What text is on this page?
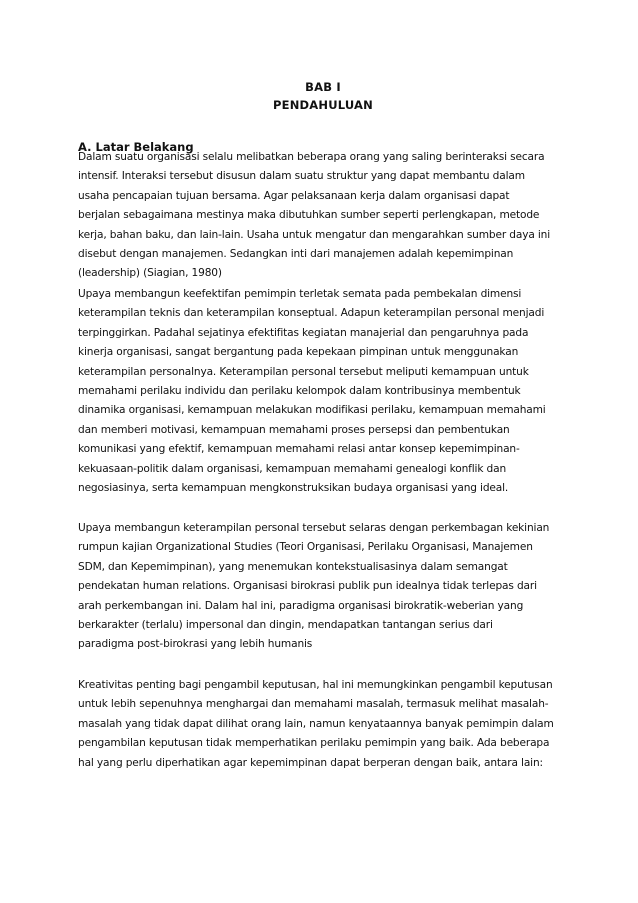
BAB I
PENDAHULUAN
A. Latar Belakang
Dalam suatu organisasi selalu melibatkan beberapa orang yang saling berinteraksi secara
intensif. Interaksi tersebut disusun dalam suatu struktur yang dapat membantu dalam
usaha pencapaian tujuan bersama. Agar pelaksanaan kerja dalam organisasi dapat
berjalan sebagaimana mestinya maka dibutuhkan sumber seperti perlengkapan, metode
kerja, bahan baku, dan lain-lain. Usaha untuk mengatur dan mengarahkan sumber daya ini
disebut dengan manajemen. Sedangkan inti dari manajemen adalah kepemimpinan
(leadership) (Siagian, 1980)
Upaya membangun keefektifan pemimpin terletak semata pada pembekalan dimensi
keterampilan teknis dan keterampilan konseptual. Adapun keterampilan personal menjadi
terpinggirkan. Padahal sejatinya efektifitas kegiatan manajerial dan pengaruhnya pada
kinerja organisasi, sangat bergantung pada kepekaan pimpinan untuk menggunakan
keterampilan personalnya. Keterampilan personal tersebut meliputi kemampuan untuk
memahami perilaku individu dan perilaku kelompok dalam kontribusinya membentuk
dinamika organisasi, kemampuan melakukan modifikasi perilaku, kemampuan memahami
dan memberi motivasi, kemampuan memahami proses persepsi dan pembentukan
komunikasi yang efektif, kemampuan memahami relasi antar konsep kepemimpinan-
kekuasaan-politik dalam organisasi, kemampuan memahami genealogi konflik dan
negosiasinya, serta kemampuan mengkonstruksikan budaya organisasi yang ideal.
Upaya membangun keterampilan personal tersebut selaras dengan perkembagan kekinian
rumpun kajian Organizational Studies (Teori Organisasi, Perilaku Organisasi, Manajemen
SDM, dan Kepemimpinan), yang menemukan kontekstualisasinya dalam semangat
pendekatan human relations. Organisasi birokrasi publik pun idealnya tidak terlepas dari
arah perkembangan ini. Dalam hal ini, paradigma organisasi birokratik-weberian yang
berkarakter (terlalu) impersonal dan dingin, mendapatkan tantangan serius dari
paradigma post-birokrasi yang lebih humanis
Kreativitas penting bagi pengambil keputusan, hal ini memungkinkan pengambil keputusan
untuk lebih sepenuhnya menghargai dan memahami masalah, termasuk melihat masalah-
masalah yang tidak dapat dilihat orang lain, namun kenyataannya banyak pemimpin dalam
pengambilan keputusan tidak memperhatikan perilaku pemimpin yang baik. Ada beberapa
hal yang perlu diperhatikan agar kepemimpinan dapat berperan dengan baik, antara lain:
